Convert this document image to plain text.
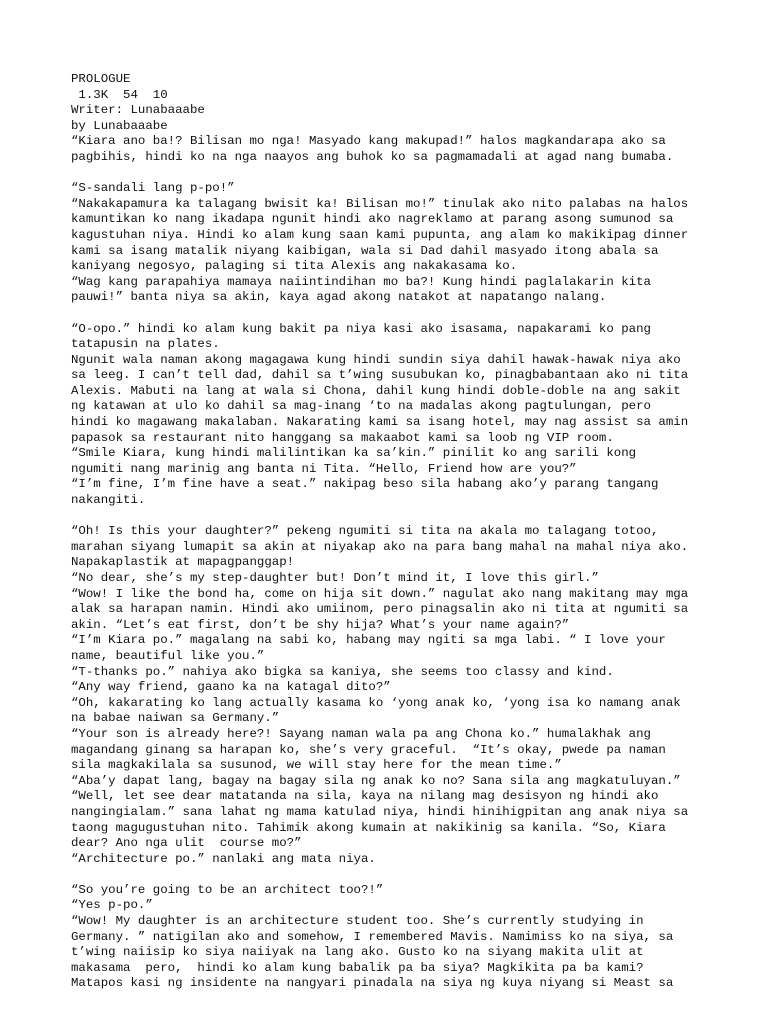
PROLOGUE
1.3K  54  10
Writer: Lunabaaabe
by Lunabaaabe
“Kiara ano ba!? Bilisan mo nga! Masyado kang makupad!” halos magkandarapa ako sa
pagbihis, hindi ko na nga naayos ang buhok ko sa pagmamadali at agad nang bumaba.
“S-sandali lang p-po!”
“Nakakapamura ka talagang bwisit ka! Bilisan mo!” tinulak ako nito palabas na halos
kamuntikan ko nang ikadapa ngunit hindi ako nagreklamo at parang asong sumunod sa
kagustuhan niya. Hindi ko alam kung saan kami pupunta, ang alam ko makikipag dinner
kami sa isang matalik niyang kaibigan, wala si Dad dahil masyado itong abala sa
kaniyang negosyo, palaging si tita Alexis ang nakakasama ko.
“Wag kang parapahiya mamaya naiintindihan mo ba?! Kung hindi paglalakarin kita
pauwi!” banta niya sa akin, kaya agad akong natakot at napatango nalang.
“O-opo.” hindi ko alam kung bakit pa niya kasi ako isasama, napakarami ko pang
tatapusin na plates.
Ngunit wala naman akong magagawa kung hindi sundin siya dahil hawak-hawak niya ako
sa leeg. I can’t tell dad, dahil sa t’wing susubukan ko, pinagbabantaan ako ni tita
Alexis. Mabuti na lang at wala si Chona, dahil kung hindi doble-doble na ang sakit
ng katawan at ulo ko dahil sa mag-inang ‘to na madalas akong pagtulungan, pero
hindi ko magawang makalaban. Nakarating kami sa isang hotel, may nag assist sa amin
papasok sa restaurant nito hanggang sa makaabot kami sa loob ng VIP room.
“Smile Kiara, kung hindi malilintikan ka sa’kin.” pinilit ko ang sarili kong
ngumiti nang marinig ang banta ni Tita. “Hello, Friend how are you?”
“I’m fine, I’m fine have a seat.” nakipag beso sila habang ako’y parang tangang
nakangiti.
“Oh! Is this your daughter?” pekeng ngumiti si tita na akala mo talagang totoo,
marahan siyang lumapit sa akin at niyakap ako na para bang mahal na mahal niya ako.
Napakaplastik at mapagpanggap!
“No dear, she’s my step-daughter but! Don’t mind it, I love this girl.”
“Wow! I like the bond ha, come on hija sit down.” nagulat ako nang makitang may mga
alak sa harapan namin. Hindi ako umiinom, pero pinagsalin ako ni tita at ngumiti sa
akin. “Let’s eat first, don’t be shy hija? What’s your name again?”
“I’m Kiara po.” magalang na sabi ko, habang may ngiti sa mga labi. “ I love your
name, beautiful like you.”
“T-thanks po.” nahiya ako bigka sa kaniya, she seems too classy and kind.
“Any way friend, gaano ka na katagal dito?”
“Oh, kakarating ko lang actually kasama ko ‘yong anak ko, ‘yong isa ko namang anak
na babae naiwan sa Germany.”
“Your son is already here?! Sayang naman wala pa ang Chona ko.” humalakhak ang
magandang ginang sa harapan ko, she’s very graceful.  “It’s okay, pwede pa naman
sila magkakilala sa susunod, we will stay here for the mean time.”
“Aba’y dapat lang, bagay na bagay sila ng anak ko no? Sana sila ang magkatuluyan.”
“Well, let see dear matatanda na sila, kaya na nilang mag desisyon ng hindi ako
nangingialam.” sana lahat ng mama katulad niya, hindi hinihigpitan ang anak niya sa
taong magugustuhan nito. Tahimik akong kumain at nakikinig sa kanila. “So, Kiara
dear? Ano nga ulit  course mo?”
“Architecture po.” nanlaki ang mata niya.
“So you’re going to be an architect too?!”
“Yes p-po.”
“Wow! My daughter is an architecture student too. She’s currently studying in
Germany. ” natigilan ako and somehow, I remembered Mavis. Namimiss ko na siya, sa
t’wing naiisip ko siya naiiyak na lang ako. Gusto ko na siyang makita ulit at
makasama  pero,  hindi ko alam kung babalik pa ba siya? Magkikita pa ba kami?
Matapos kasi ng insidente na nangyari pinadala na siya ng kuya niyang si Meast sa
